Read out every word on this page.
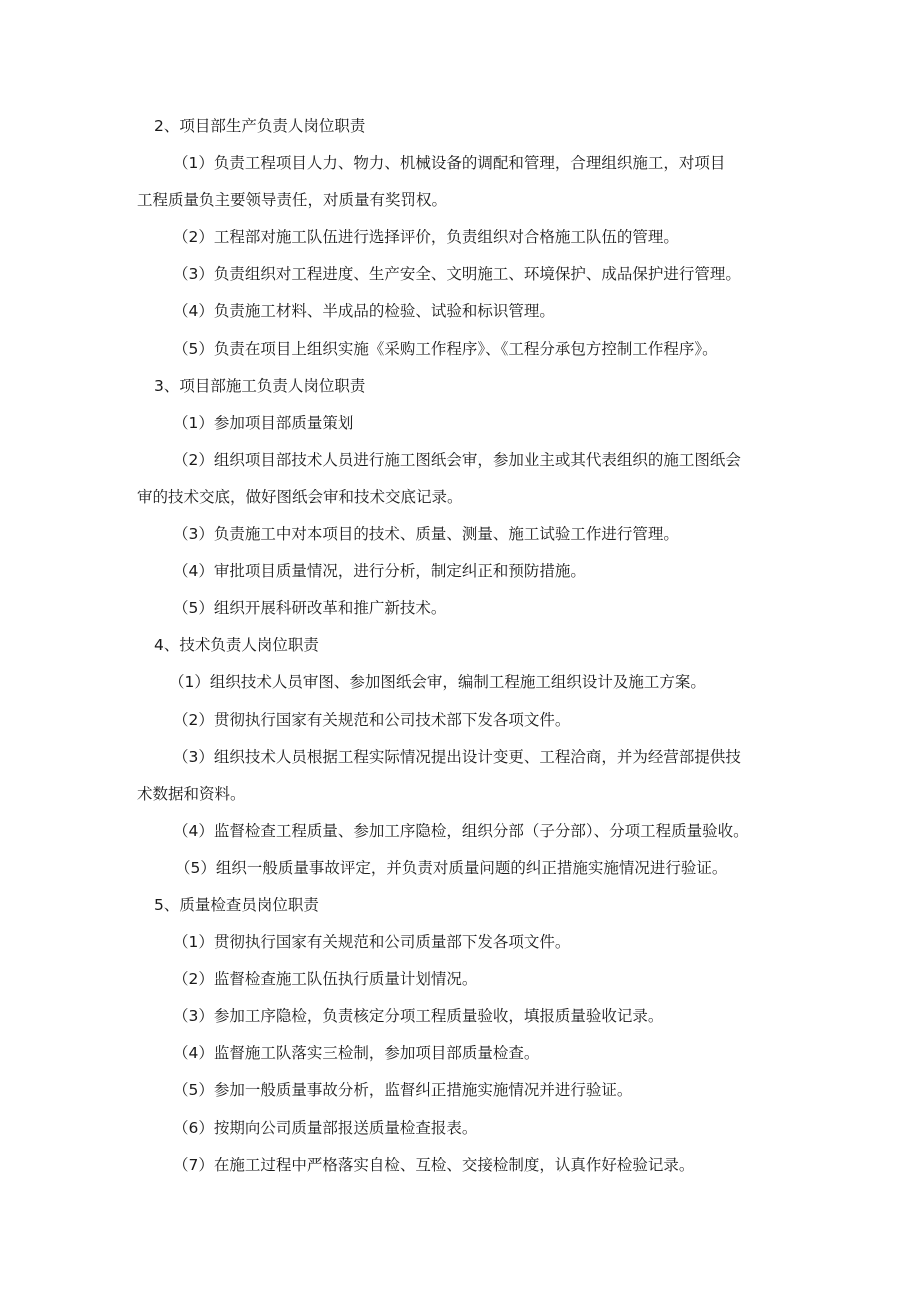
2、项目部生产负责人岗位职责
（1）负责工程项目人力、物力、机械设备的调配和管理，合理组织施工，对项目
工程质量负主要领导责任，对质量有奖罚权。
（2）工程部对施工队伍进行选择评价，负责组织对合格施工队伍的管理。
（3）负责组织对工程进度、生产安全、文明施工、环境保护、成品保护进行管理。
（4）负责施工材料、半成品的检验、试验和标识管理。
（5）负责在项目上组织实施《采购工作程序》、《工程分承包方控制工作程序》。
3、项目部施工负责人岗位职责
（1）参加项目部质量策划
（2）组织项目部技术人员进行施工图纸会审，参加业主或其代表组织的施工图纸会
审的技术交底，做好图纸会审和技术交底记录。
（3）负责施工中对本项目的技术、质量、测量、施工试验工作进行管理。
（4）审批项目质量情况，进行分析，制定纠正和预防措施。
（5）组织开展科研改革和推广新技术。
4、技术负责人岗位职责
（1）组织技术人员审图、参加图纸会审，编制工程施工组织设计及施工方案。
（2）贯彻执行国家有关规范和公司技术部下发各项文件。
（3）组织技术人员根据工程实际情况提出设计变更、工程洽商，并为经营部提供技
术数据和资料。
（4）监督检查工程质量、参加工序隐检，组织分部（子分部）、分项工程质量验收。
（5）组织一般质量事故评定，并负责对质量问题的纠正措施实施情况进行验证。
5、质量检查员岗位职责
（1）贯彻执行国家有关规范和公司质量部下发各项文件。
（2）监督检查施工队伍执行质量计划情况。
（3）参加工序隐检，负责核定分项工程质量验收，填报质量验收记录。
（4）监督施工队落实三检制，参加项目部质量检查。
（5）参加一般质量事故分析，监督纠正措施实施情况并进行验证。
（6）按期向公司质量部报送质量检查报表。
（7）在施工过程中严格落实自检、互检、交接检制度，认真作好检验记录。
